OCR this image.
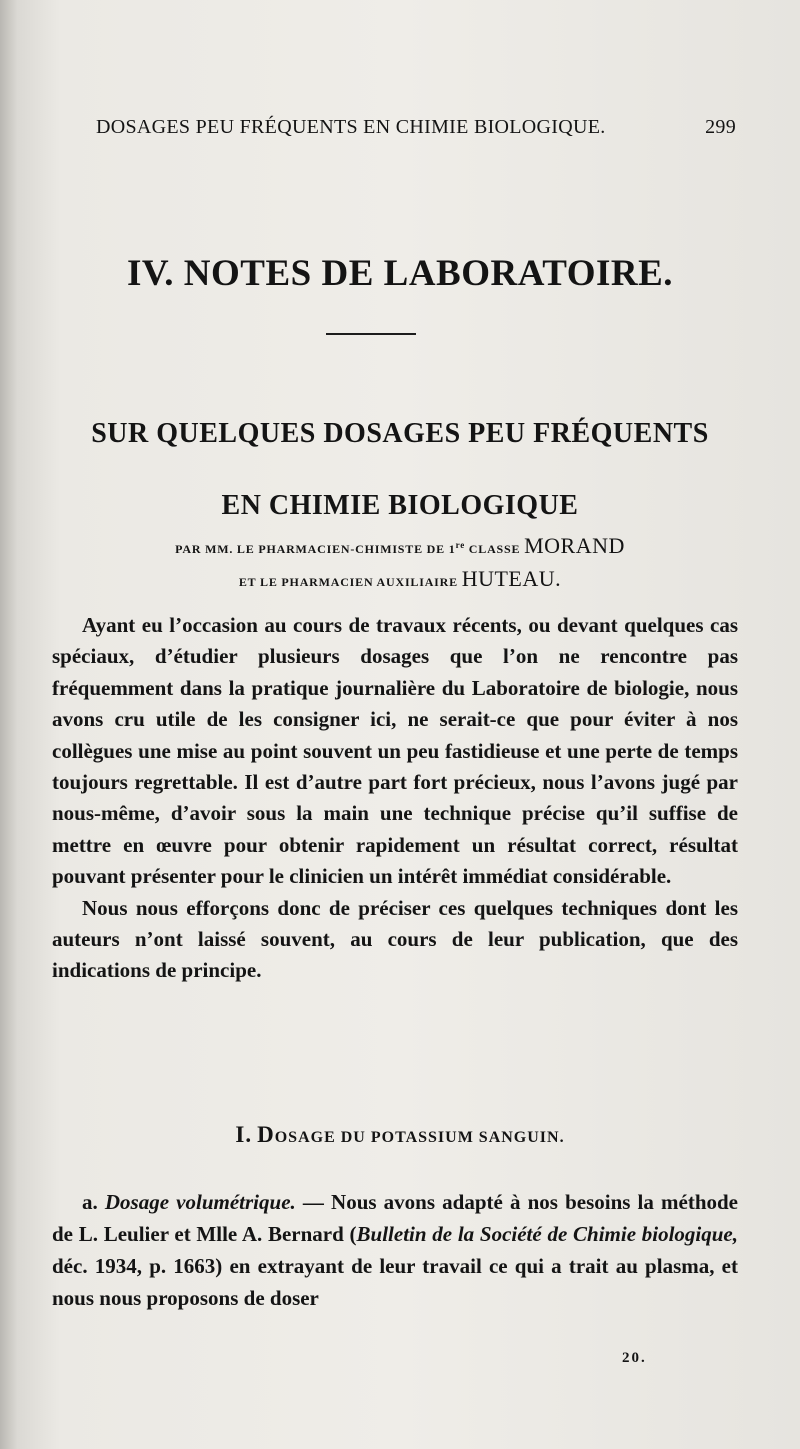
DOSAGES PEU FRÉQUENTS EN CHIMIE BIOLOGIQUE.	299
IV. NOTES DE LABORATOIRE.
SUR QUELQUES DOSAGES PEU FRÉQUENTS
EN CHIMIE BIOLOGIQUE
PAR MM. LE PHARMACIEN-CHIMISTE DE 1re CLASSE MORAND
ET LE PHARMACIEN AUXILIAIRE HUTEAU.

Ayant eu l’occasion au cours de travaux récents, ou devant quelques cas spéciaux, d’étudier plusieurs dosages que l’on ne rencontre pas fréquemment dans la pratique journalière du Laboratoire de biologie, nous avons cru utile de les consigner ici, ne serait-ce que pour éviter à nos collègues une mise au point souvent un peu fastidieuse et une perte de temps toujours regrettable. Il est d’autre part fort précieux, nous l’avons jugé par nous-même, d’avoir sous la main une technique précise qu’il suffise de mettre en œuvre pour obtenir rapidement un résultat correct, résultat pouvant présenter pour le clinicien un intérêt immédiat considérable.

Nous nous efforçons donc de préciser ces quelques techniques dont les auteurs n’ont laissé souvent, au cours de leur publication, que des indications de principe.

I. DOSAGE DU POTASSIUM SANGUIN.

a. Dosage volumétrique. — Nous avons adapté à nos besoins la méthode de L. Leulier et Mlle A. Bernard (Bulletin de la Société de Chimie biologique, déc. 1934, p. 1663) en extrayant de leur travail ce qui a trait au plasma, et nous nous proposons de doser

20.
